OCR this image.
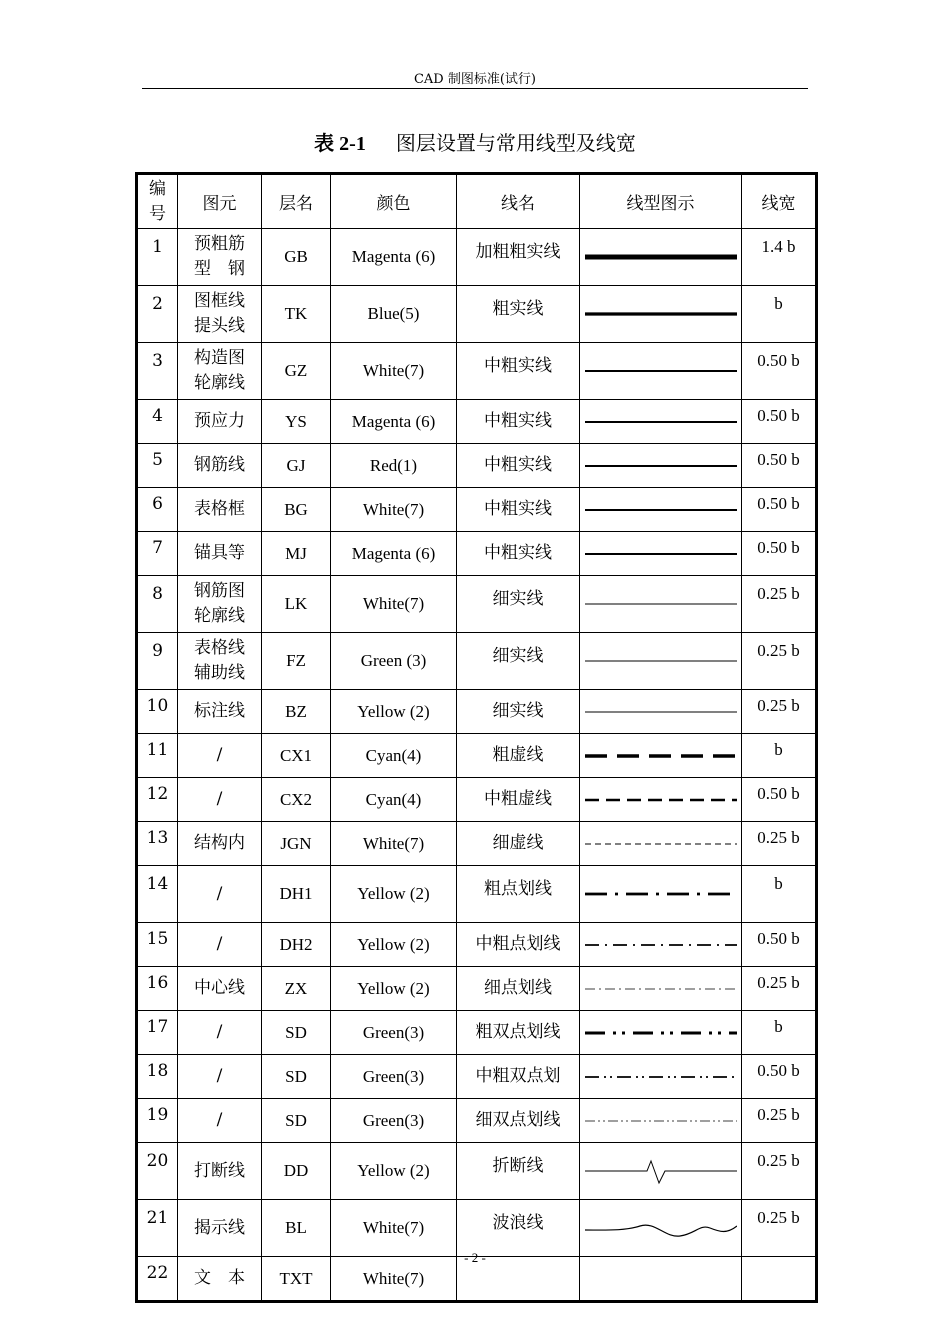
CAD 制图标准(试行)
表 2-1 图层设置与常用线型及线宽
编号	图元	层名	颜色	线名	线型图示	线宽
1	预粗筋
型　钢	GB	Magenta (6)	加粗粗实线		1.4 b
2	图框线
提头线	TK	Blue(5)	粗实线		b
3	构造图
轮廓线	GZ	White(7)	中粗实线		0.50 b
4	预应力	YS	Magenta (6)	中粗实线		0.50 b
5	钢筋线	GJ	Red(1)	中粗实线		0.50 b
6	表格框	BG	White(7)	中粗实线		0.50 b
7	锚具等	MJ	Magenta (6)	中粗实线		0.50 b
8	钢筋图
轮廓线	LK	White(7)	细实线		0.25 b
9	表格线
辅助线	FZ	Green (3)	细实线		0.25 b
10	标注线	BZ	Yellow (2)	细实线		0.25 b
11	/	CX1	Cyan(4)	粗虚线		b
12	/	CX2	Cyan(4)	中粗虚线		0.50 b
13	结构内	JGN	White(7)	细虚线		0.25 b
14	/	DH1	Yellow (2)	粗点划线		b
15	/	DH2	Yellow (2)	中粗点划线		0.50 b
16	中心线	ZX	Yellow (2)	细点划线		0.25 b
17	/	SD	Green(3)	粗双点划线		b
18	/	SD	Green(3)	中粗双点划		0.50 b
19	/	SD	Green(3)	细双点划线		0.25 b
20	打断线	DD	Yellow (2)	折断线		0.25 b
21	揭示线	BL	White(7)	波浪线		0.25 b
22	文　本	TXT	White(7)			
- 2 -
